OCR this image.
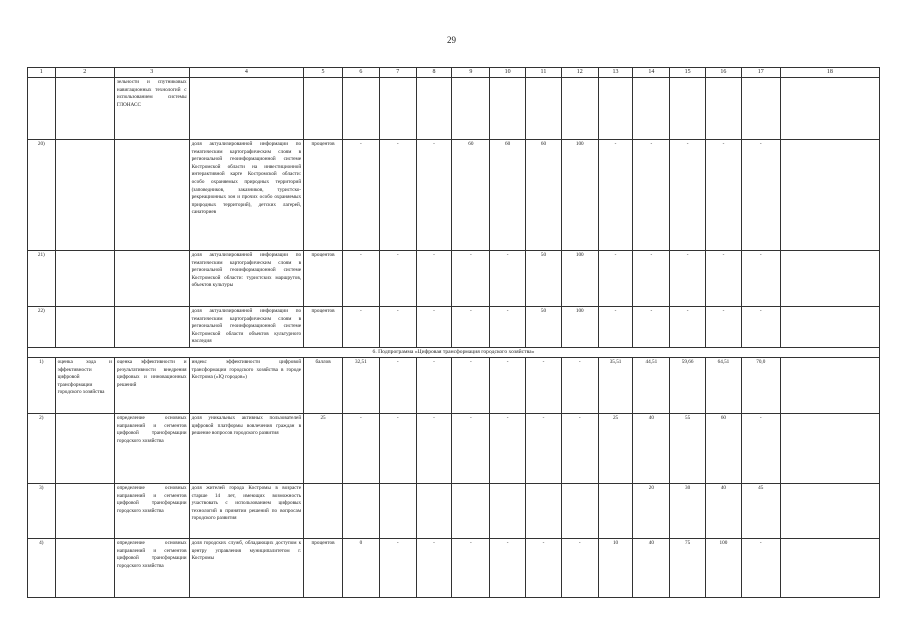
29
1	2	3	4	5	6	7	8	9	10	11	12	13	14	15	16	17	18
		зельности и спутниковых навигационных технологий с использованием системы ГЛОНАСС															
20)			доля актуализированной информации по тематическим картографическим слоям в региональной геоинформационной системе Костромской области на инвестиционной интерактивной карте Костромской области: особо охраняемых природных территорий (заповедников, заказников, туристско-рекреационных зон и прочих особо охраняемых природных территорий), детских лагерей, санаториев	процентов	-	-	-	60	60	60	100	-	-	-	-	-	
21)			доля актуализированной информации по тематическим картографическим слоям в региональной геоинформационной системе Костромской области: туристских маршрутов, объектов культуры	процентов	-	-	-	-	-	50	100	-	-	-	-	-	
22)			доля актуализированной информации по тематическим картографическим слоям в региональной геоинформационной системе Костромской области объектов культурного наследия	процентов	-	-	-	-	-	50	100	-	-	-	-	-	
6. Подпрограмма «Цифровая трансформация городского хозяйства»																	
1)	оценка хода и эффективности цифровой трансформации городского хозяйства	оценка эффективности и результативности внедрения цифровых и инновационных решений	индекс эффективности цифровой трансформации городского хозяйства в городе Кострома («IQ городов»)	баллов	32,51	-	-	-	-	-	-	35,51	44,51	59,66	64,51	70,0	
2)		определение основных направлений и сегментов цифровой трансформации городского хозяйства	доля уникальных активных пользователей цифровой платформы вовлечения граждан в решение вопросов городского развития	25	-	-	-	-	-	-	-	25	40	55	60	-	
3)		определение основных направлений и сегментов цифровой трансформации городского хозяйства	доля жителей города Костромы в возрасте старше 14 лет, имеющих возможность участвовать с использованием цифровых технологий в принятии решений по вопросам городского развития										20	30	40	45	
4)		определение основных направлений и сегментов цифровой трансформации городского хозяйства	доля городских служб, обладающих доступом к центру управления муниципалитетом г. Костромы	процентов	0	-	-	-	-	-	-	10	40	75	100	-	
